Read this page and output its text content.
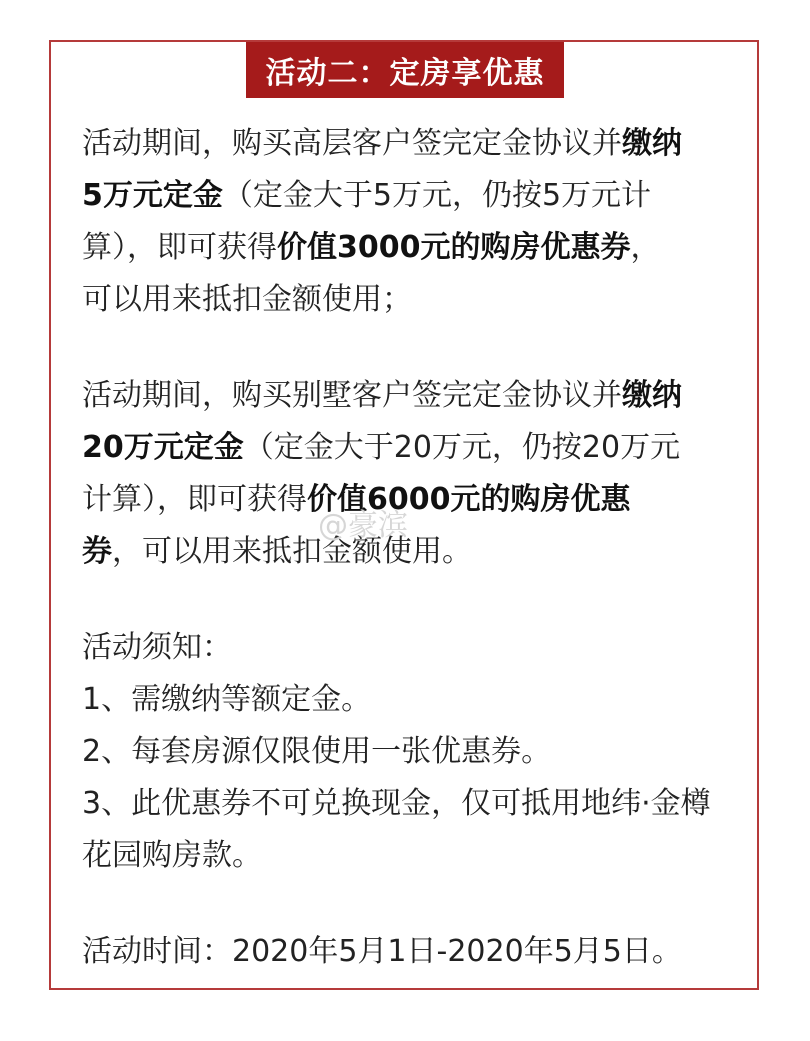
活动二：定房享优惠
活动期间，购买高层客户签完定金协议并缴纳
5万元定金（定金大于5万元，仍按5万元计
算），即可获得价值3000元的购房优惠券，
可以用来抵扣金额使用；
活动期间，购买别墅客户签完定金协议并缴纳
20万元定金（定金大于20万元，仍按20万元
计算），即可获得价值6000元的购房优惠
券，可以用来抵扣金额使用。
活动须知：
1、需缴纳等额定金。
2、每套房源仅限使用一张优惠券。
3、此优惠券不可兑换现金，仅可抵用地纬·金樽
花园购房款。
活动时间：2020年5月1日-2020年5月5日。
@豪滨
